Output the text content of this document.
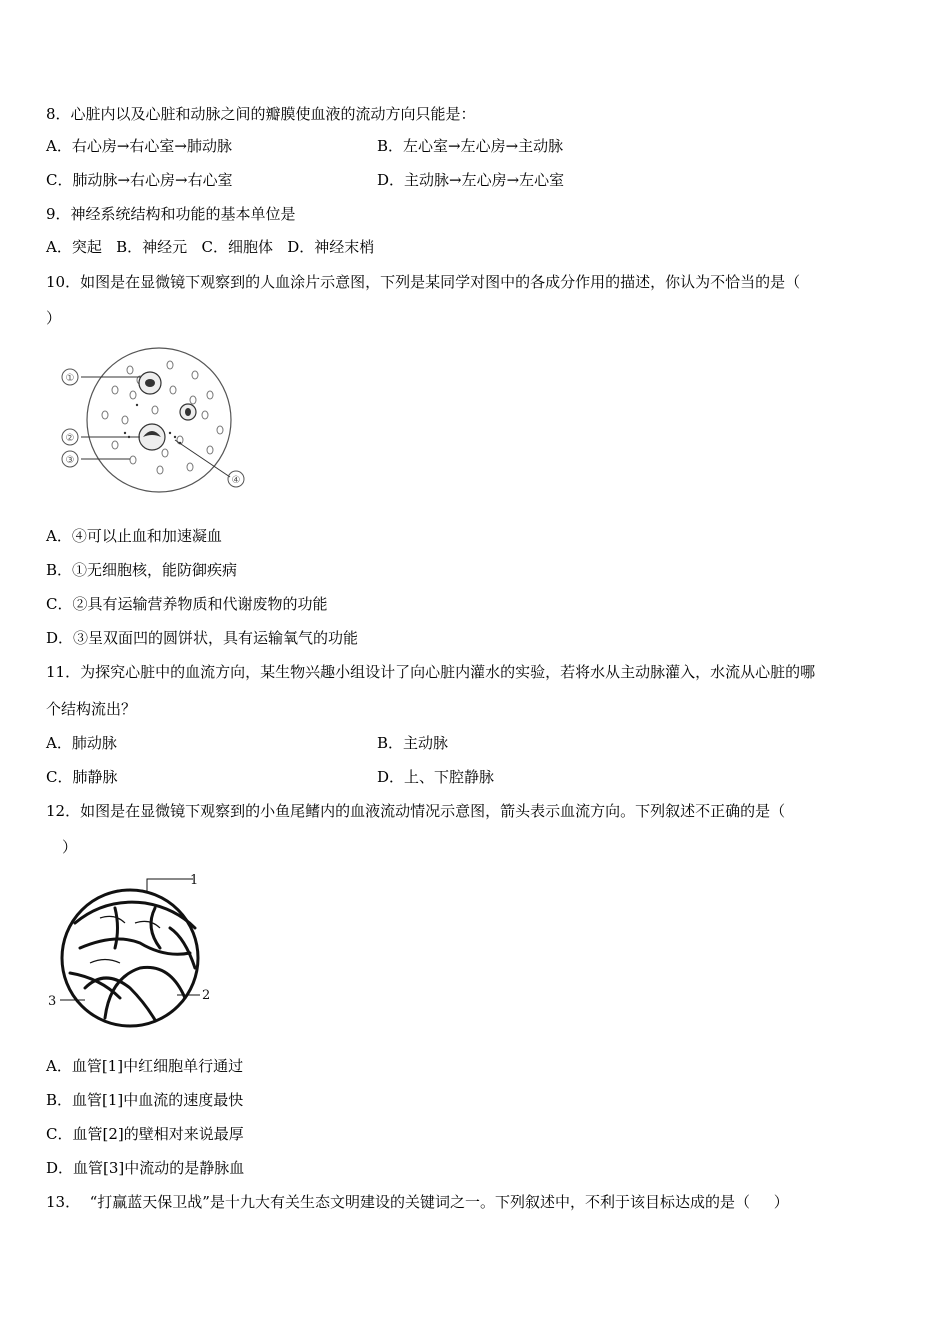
8．心脏内以及心脏和动脉之间的瓣膜使血液的流动方向只能是：
A．右心房→右心室→肺动脉	B．左心室→左心房→主动脉
C．肺动脉→右心房→右心室	D．主动脉→左心房→左心室
9．神经系统结构和功能的基本单位是
A．突起   B．神经元   C．细胞体   D．神经末梢
10．如图是在显微镜下观察到的人血涂片示意图，下列是某同学对图中的各成分作用的描述，你认为不恰当的是（
）
①
②
③
④
A．④可以止血和加速凝血
B．①无细胞核，能防御疾病
C．②具有运输营养物质和代谢废物的功能
D．③呈双面凹的圆饼状，具有运输氧气的功能
11．为探究心脏中的血流方向，某生物兴趣小组设计了向心脏内灌水的实验，若将水从主动脉灌入，水流从心脏的哪
个结构流出？
A．肺动脉	B．主动脉
C．肺静脉	D．上、下腔静脉
12．如图是在显微镜下观察到的小鱼尾鳍内的血液流动情况示意图，箭头表示血流方向。下列叙述不正确的是（
）
1
2
3
A．血管[1]中红细胞单行通过
B．血管[1]中血流的速度最快
C．血管[2]的壁相对来说最厚
D．血管[3]中流动的是静脉血
13．  “打赢蓝天保卫战”是十九大有关生态文明建设的关键词之一。下列叙述中，不利于该目标达成的是（     ）
